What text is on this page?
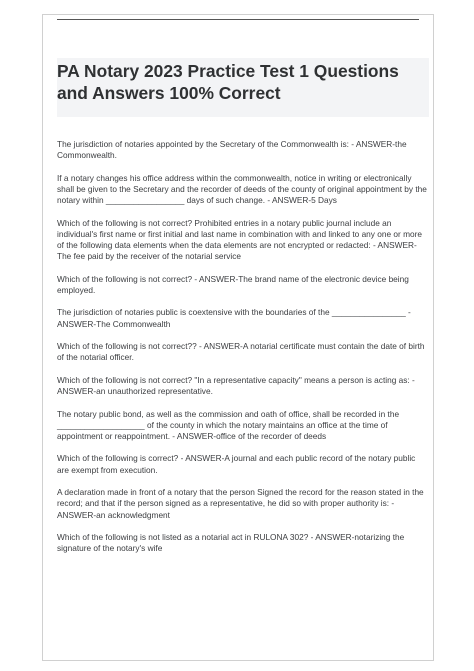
PA Notary 2023 Practice Test 1 Questions and Answers 100% Correct

The jurisdiction of notaries appointed by the Secretary of the Commonwealth is: - ANSWER-the Commonwealth.

If a notary changes his office address within the commonwealth, notice in writing or electronically shall be given to the Secretary and the recorder of deeds of the county of original appointment by the notary within _________________ days of such change. - ANSWER-5 Days

Which of the following is not correct? Prohibited entries in a notary public journal include an individual's first name or first initial and last name in combination with and linked to any one or more of the following data elements when the data elements are not encrypted or redacted: - ANSWER-The fee paid by the receiver of the notarial service

Which of the following is not correct? - ANSWER-The brand name of the electronic device being employed.

The jurisdiction of notaries public is coextensive with the boundaries of the ________________ - ANSWER-The Commonwealth

Which of the following is not correct?? - ANSWER-A notarial certificate must contain the date of birth of the notarial officer.

Which of the following is not correct? "In a representative capacity" means a person is acting as: - ANSWER-an unauthorized representative.

The notary public bond, as well as the commission and oath of office, shall be recorded in the ___________________ of the county in which the notary maintains an office at the time of appointment or reappointment. - ANSWER-office of the recorder of deeds

Which of the following is correct? - ANSWER-A journal and each public record of the notary public are exempt from execution.

A declaration made in front of a notary that the person Signed the record for the reason stated in the record; and that if the person signed as a representative, he did so with proper authority is: - ANSWER-an acknowledgment

Which of the following is not listed as a notarial act in RULONA 302? - ANSWER-notarizing the signature of the notary's wife
